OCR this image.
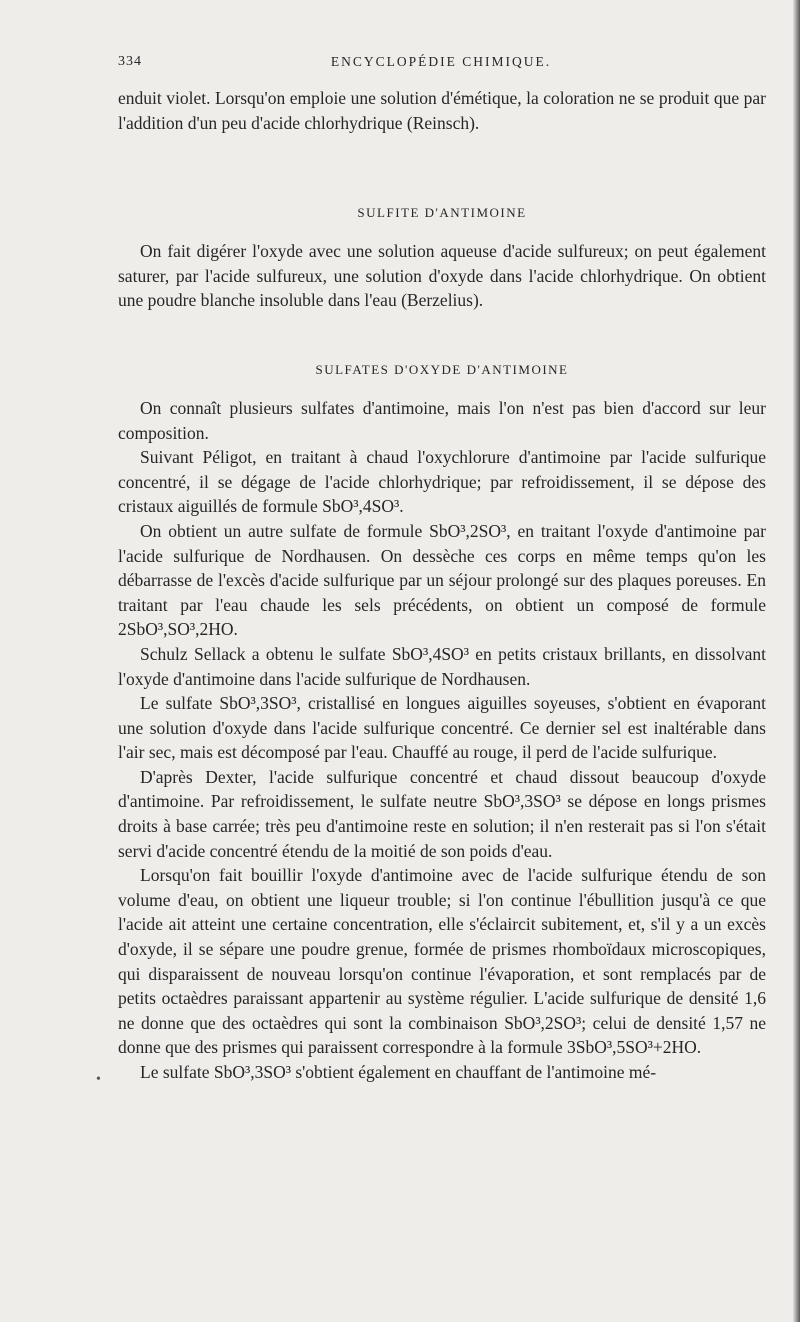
334	ENCYCLOPÉDIE CHIMIQUE.

enduit violet. Lorsqu'on emploie une solution d'émétique, la coloration ne se produit que par l'addition d'un peu d'acide chlorhydrique (Reinsch).

SULFITE D'ANTIMOINE

On fait digérer l'oxyde avec une solution aqueuse d'acide sulfureux; on peut également saturer, par l'acide sulfureux, une solution d'oxyde dans l'acide chlorhydrique. On obtient une poudre blanche insoluble dans l'eau (Berzelius).

SULFATES D'OXYDE D'ANTIMOINE

On connaît plusieurs sulfates d'antimoine, mais l'on n'est pas bien d'accord sur leur composition.

Suivant Péligot, en traitant à chaud l'oxychlorure d'antimoine par l'acide sulfurique concentré, il se dégage de l'acide chlorhydrique; par refroidissement, il se dépose des cristaux aiguillés de formule SbO³,4SO³.

On obtient un autre sulfate de formule SbO³,2SO³, en traitant l'oxyde d'antimoine par l'acide sulfurique de Nordhausen. On dessèche ces corps en même temps qu'on les débarrasse de l'excès d'acide sulfurique par un séjour prolongé sur des plaques poreuses. En traitant par l'eau chaude les sels précédents, on obtient un composé de formule 2SbO³,SO³,2HO.

Schulz Sellack a obtenu le sulfate SbO³,4SO³ en petits cristaux brillants, en dissolvant l'oxyde d'antimoine dans l'acide sulfurique de Nordhausen.

Le sulfate SbO³,3SO³, cristallisé en longues aiguilles soyeuses, s'obtient en évaporant une solution d'oxyde dans l'acide sulfurique concentré. Ce dernier sel est inaltérable dans l'air sec, mais est décomposé par l'eau. Chauffé au rouge, il perd de l'acide sulfurique.

D'après Dexter, l'acide sulfurique concentré et chaud dissout beaucoup d'oxyde d'antimoine. Par refroidissement, le sulfate neutre SbO³,3SO³ se dépose en longs prismes droits à base carrée; très peu d'antimoine reste en solution; il n'en resterait pas si l'on s'était servi d'acide concentré étendu de la moitié de son poids d'eau.

Lorsqu'on fait bouillir l'oxyde d'antimoine avec de l'acide sulfurique étendu de son volume d'eau, on obtient une liqueur trouble; si l'on continue l'ébullition jusqu'à ce que l'acide ait atteint une certaine concentration, elle s'éclaircit subitement, et, s'il y a un excès d'oxyde, il se sépare une poudre grenue, formée de prismes rhomboïdaux microscopiques, qui disparaissent de nouveau lorsqu'on continue l'évaporation, et sont remplacés par de petits octaèdres paraissant appartenir au système régulier. L'acide sulfurique de densité 1,6 ne donne que des octaèdres qui sont la combinaison SbO³,2SO³; celui de densité 1,57 ne donne que des prismes qui paraissent correspondre à la formule 3SbO³,5SO³+2HO.

Le sulfate SbO³,3SO³ s'obtient également en chauffant de l'antimoine mé-

•
